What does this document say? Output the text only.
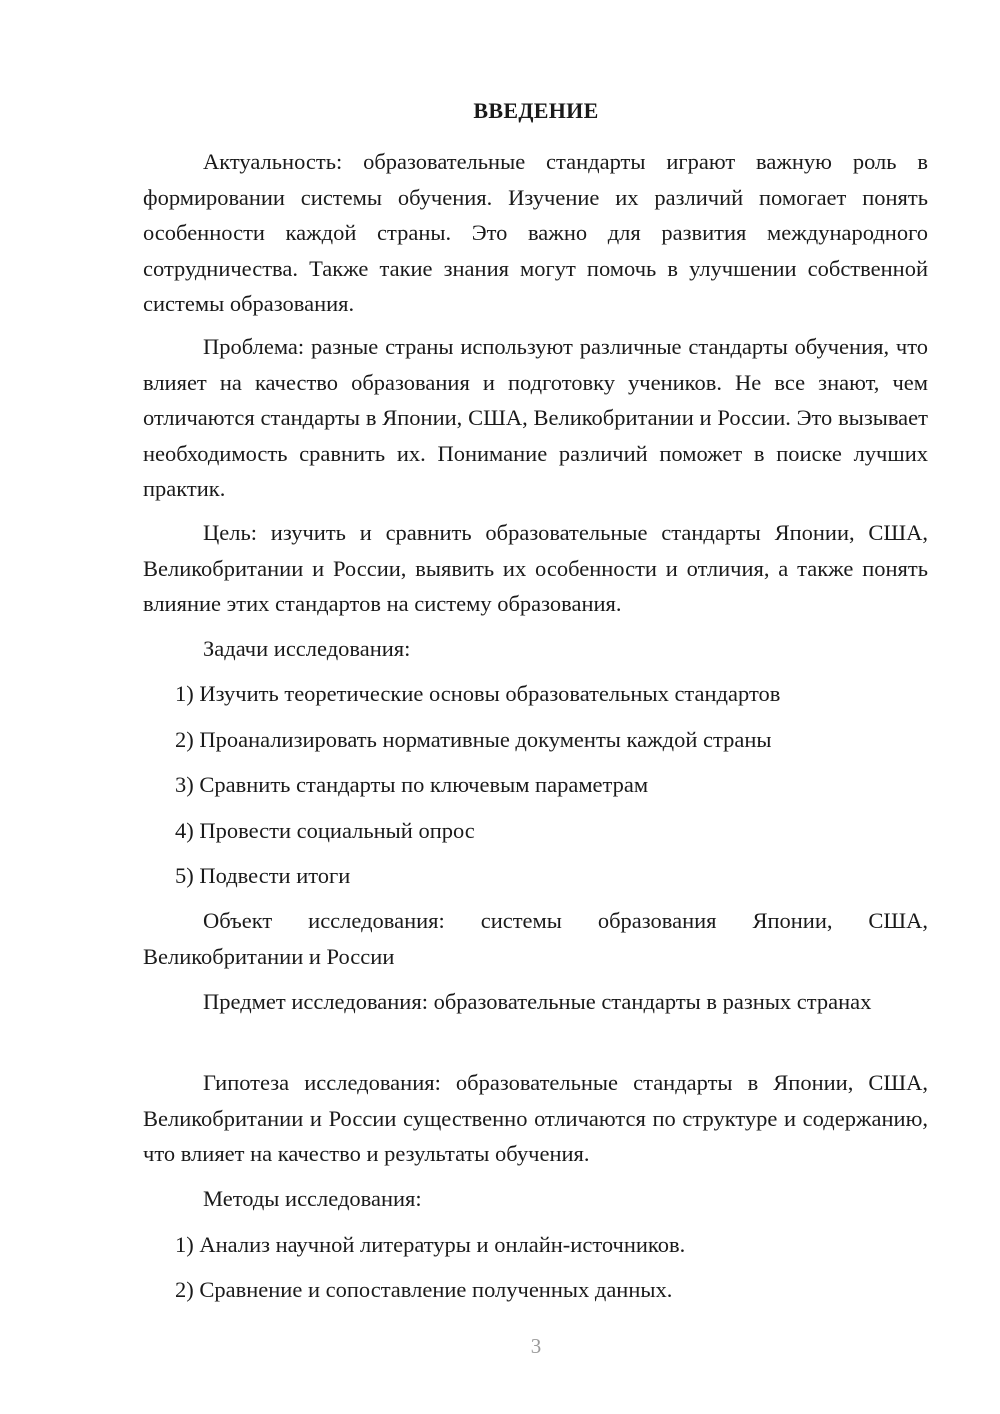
ВВЕДЕНИЕ

Актуальность: образовательные стандарты играют важную роль в формировании системы обучения. Изучение их различий помогает понять особенности каждой страны. Это важно для развития международного сотрудничества. Также такие знания могут помочь в улучшении собственной системы образования.

Проблема: разные страны используют различные стандарты обучения, что влияет на качество образования и подготовку учеников. Не все знают, чем отличаются стандарты в Японии, США, Великобритании и России. Это вызывает необходимость сравнить их. Понимание различий поможет в поиске лучших практик.

Цель: изучить и сравнить образовательные стандарты Японии, США, Великобритании и России, выявить их особенности и отличия, а также понять влияние этих стандартов на систему образования.

Задачи исследования:

1) Изучить теоретические основы образовательных стандартов

2) Проанализировать нормативные документы каждой страны

3) Сравнить стандарты по ключевым параметрам

4) Провести социальный опрос

5) Подвести итоги

Объект исследования: системы образования Японии, США, Великобритании и России

Предмет исследования: образовательные стандарты в разных странах

Гипотеза исследования: образовательные стандарты в Японии, США, Великобритании и России существенно отличаются по структуре и содержанию, что влияет на качество и результаты обучения.

Методы исследования:

1) Анализ научной литературы и онлайн-источников.

2) Сравнение и сопоставление полученных данных.

3
